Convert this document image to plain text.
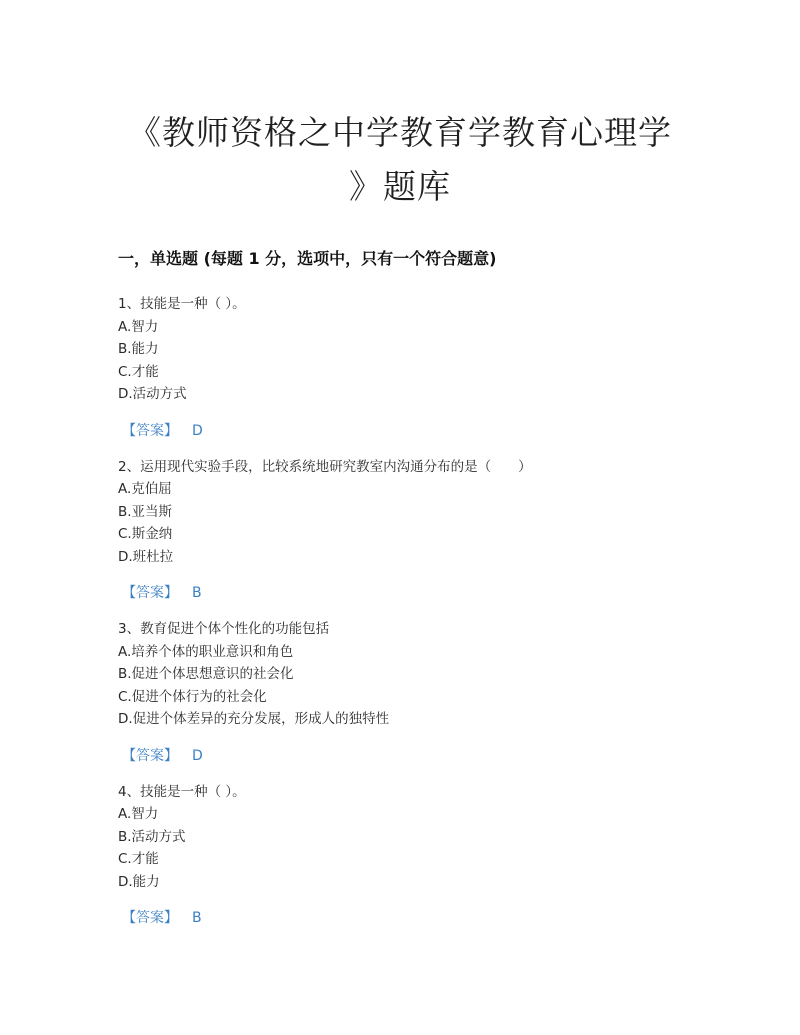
《教师资格之中学教育学教育心理学
》题库
一，单选题 (每题 1 分，选项中，只有一个符合题意)
1、技能是一种（ ）。
A.智力
B.能力
C.才能
D.活动方式
【答案】 D
2、运用现代实验手段，比较系统地研究教室内沟通分布的是（　　）
A.克伯屈
B.亚当斯
C.斯金纳
D.班杜拉
【答案】 B
3、教育促进个体个性化的功能包括
A.培养个体的职业意识和角色
B.促进个体思想意识的社会化
C.促进个体行为的社会化
D.促进个体差异的充分发展，形成人的独特性
【答案】 D
4、技能是一种（ ）。
A.智力
B.活动方式
C.才能
D.能力
【答案】 B
